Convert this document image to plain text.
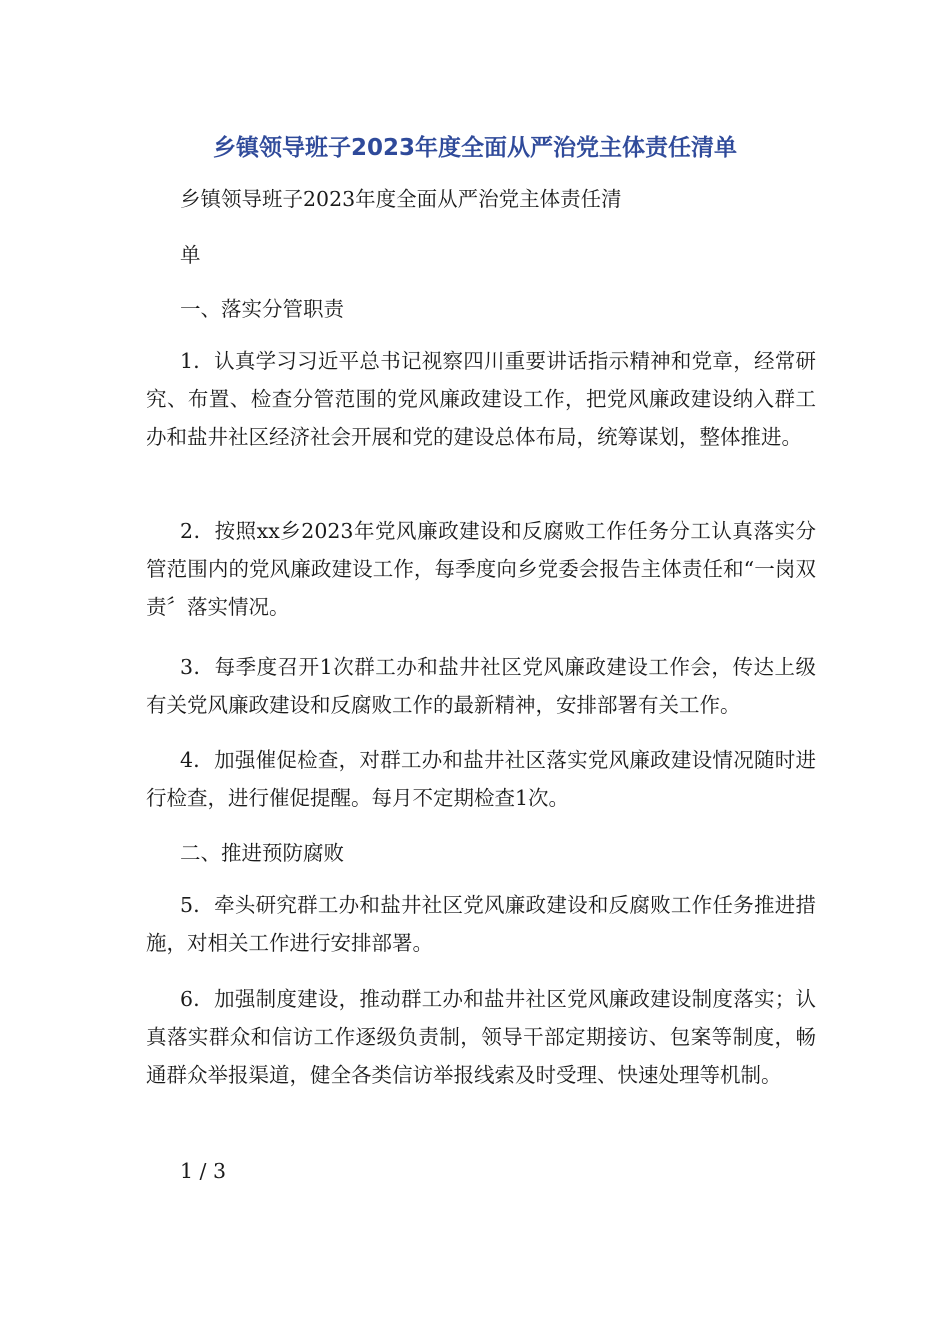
乡镇领导班子2023年度全面从严治党主体责任清单

乡镇领导班子2023年度全面从严治党主体责任清

单

一、落实分管职责

1．认真学习习近平总书记视察四川重要讲话指示精神和党章，经常研究、布置、检查分管范围的党风廉政建设工作，把党风廉政建设纳入群工办和盐井社区经济社会开展和党的建设总体布局，统筹谋划，整体推进。

2．按照xx乡2023年党风廉政建设和反腐败工作任务分工认真落实分管范围内的党风廉政建设工作，每季度向乡党委会报告主体责任和“一岗双责〞落实情况。

3．每季度召开1次群工办和盐井社区党风廉政建设工作会，传达上级有关党风廉政建设和反腐败工作的最新精神，安排部署有关工作。

4．加强催促检查，对群工办和盐井社区落实党风廉政建设情况随时进行检查，进行催促提醒。每月不定期检查1次。

二、推进预防腐败

5．牵头研究群工办和盐井社区党风廉政建设和反腐败工作任务推进措施，对相关工作进行安排部署。

6．加强制度建设，推动群工办和盐井社区党风廉政建设制度落实；认真落实群众和信访工作逐级负责制，领导干部定期接访、包案等制度，畅通群众举报渠道，健全各类信访举报线索及时受理、快速处理等机制。

1 / 3
